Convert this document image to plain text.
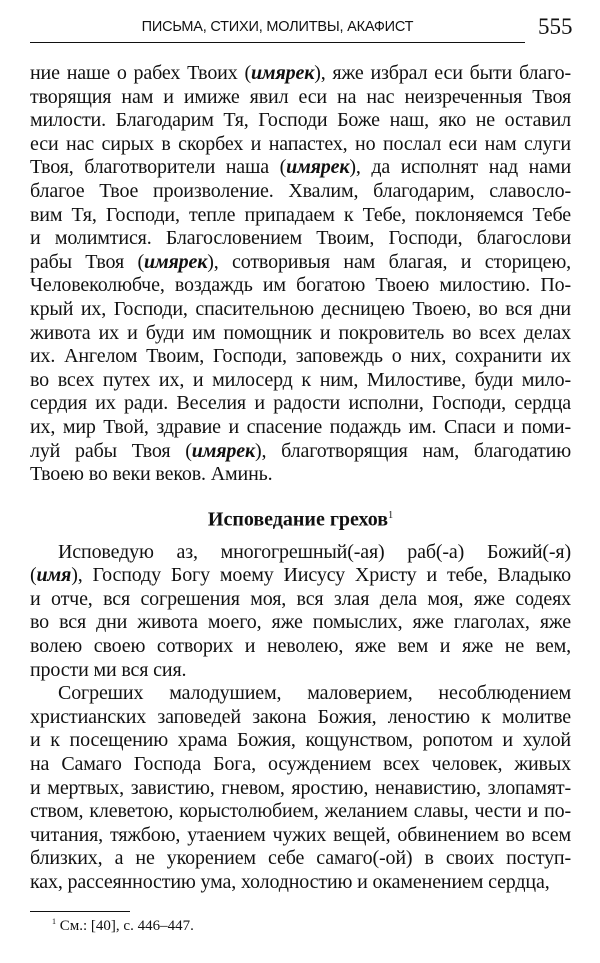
ПИСЬМА, СТИХИ, МОЛИТВЫ, АКАФИСТ	555
ние наше о рабех Твоих (имярек), яже избрал еси быти благо-
творящия нам и имиже явил еси на нас неизреченныя Твоя
милости. Благодарим Тя, Господи Боже наш, яко не оставил
еси нас сирых в скорбех и напастех, но послал еси нам слуги
Твоя, благотворители наша (имярек), да исполнят над нами
благое Твое произволение. Хвалим, благодарим, славосло-
вим Тя, Господи, тепле припадаем к Тебе, поклоняемся Тебе
и молимтися. Благословением Твоим, Господи, благослови
рабы Твоя (имярек), сотворивыя нам благая, и сторицею,
Человеколюбче, воздаждь им богатою Твоею милостию. По-
крый их, Господи, спасительною десницею Твоею, во вся дни
живота их и буди им помощник и покровитель во всех делах
их. Ангелом Твоим, Господи, заповеждь о них, сохранити их
во всех путех их, и милосерд к ним, Милостиве, буди мило-
сердия их ради. Веселия и радости исполни, Господи, сердца
их, мир Твой, здравие и спасение подаждь им. Спаси и поми-
луй рабы Твоя (имярек), благотворящия нам, благодатию
Твоею во веки веков. Аминь.
Исповедание грехов$^1$
Исповедую аз, многогрешный(-ая) раб(-а) Божий(-я)
(имя), Господу Богу моему Иисусу Христу и тебе, Владыко
и отче, вся согрешения моя, вся злая дела моя, яже содеях
во вся дни живота моего, яже помыслих, яже глаголах, яже
волею своею сотворих и неволею, яже вем и яже не вем,
прости ми вся сия.
Согреших малодушием, маловерием, несоблюдением
христианских заповедей закона Божия, леностию к молитве
и к посещению храма Божия, кощунством, ропотом и хулой
на Самаго Господа Бога, осуждением всех человек, живых
и мертвых, завистию, гневом, яростию, ненавистию, злопамят-
ством, клеветою, корыстолюбием, желанием славы, чести и по-
читания, тяжбою, утаением чужих вещей, обвинением во всем
близких, а не укорением себе самаго(-ой) в своих поступ-
ках, рассеянностию ума, холодностию и окаменением сердца,
$^1$ См.: [40], с. 446–447.
